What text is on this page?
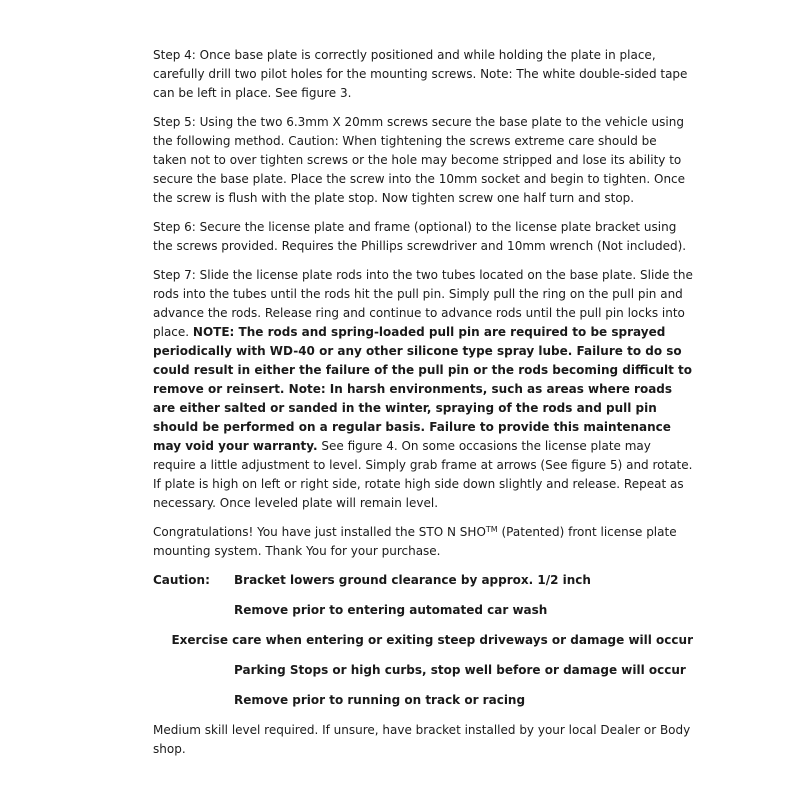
Step 4: Once base plate is correctly positioned and while holding the plate in place, carefully drill two pilot holes for the mounting screws. Note: The white double-sided tape can be left in place. See figure 3.

Step 5: Using the two 6.3mm X 20mm screws secure the base plate to the vehicle using the following method. Caution: When tightening the screws extreme care should be taken not to over tighten screws or the hole may become stripped and lose its ability to secure the base plate. Place the screw into the 10mm socket and begin to tighten. Once the screw is flush with the plate stop. Now tighten screw one half turn and stop.

Step 6: Secure the license plate and frame (optional) to the license plate bracket using the screws provided. Requires the Phillips screwdriver and 10mm wrench (Not included).

Step 7: Slide the license plate rods into the two tubes located on the base plate. Slide the rods into the tubes until the rods hit the pull pin. Simply pull the ring on the pull pin and advance the rods. Release ring and continue to advance rods until the pull pin locks into place. NOTE: The rods and spring-loaded pull pin are required to be sprayed periodically with WD-40 or any other silicone type spray lube. Failure to do so could result in either the failure of the pull pin or the rods becoming difficult to remove or reinsert. Note: In harsh environments, such as areas where roads are either salted or sanded in the winter, spraying of the rods and pull pin should be performed on a regular basis. Failure to provide this maintenance may void your warranty. See figure 4. On some occasions the license plate may require a little adjustment to level. Simply grab frame at arrows (See figure 5) and rotate. If plate is high on left or right side, rotate high side down slightly and release. Repeat as necessary. Once leveled plate will remain level.

Congratulations! You have just installed the STO N SHO™ (Patented) front license plate mounting system. Thank You for your purchase.

Caution:	Bracket lowers ground clearance by approx. 1/2 inch
Remove prior to entering automated car wash
Exercise care when entering or exiting steep driveways or damage will occur
Parking Stops or high curbs, stop well before or damage will occur
Remove prior to running on track or racing

Medium skill level required. If unsure, have bracket installed by your local Dealer or Body shop.
